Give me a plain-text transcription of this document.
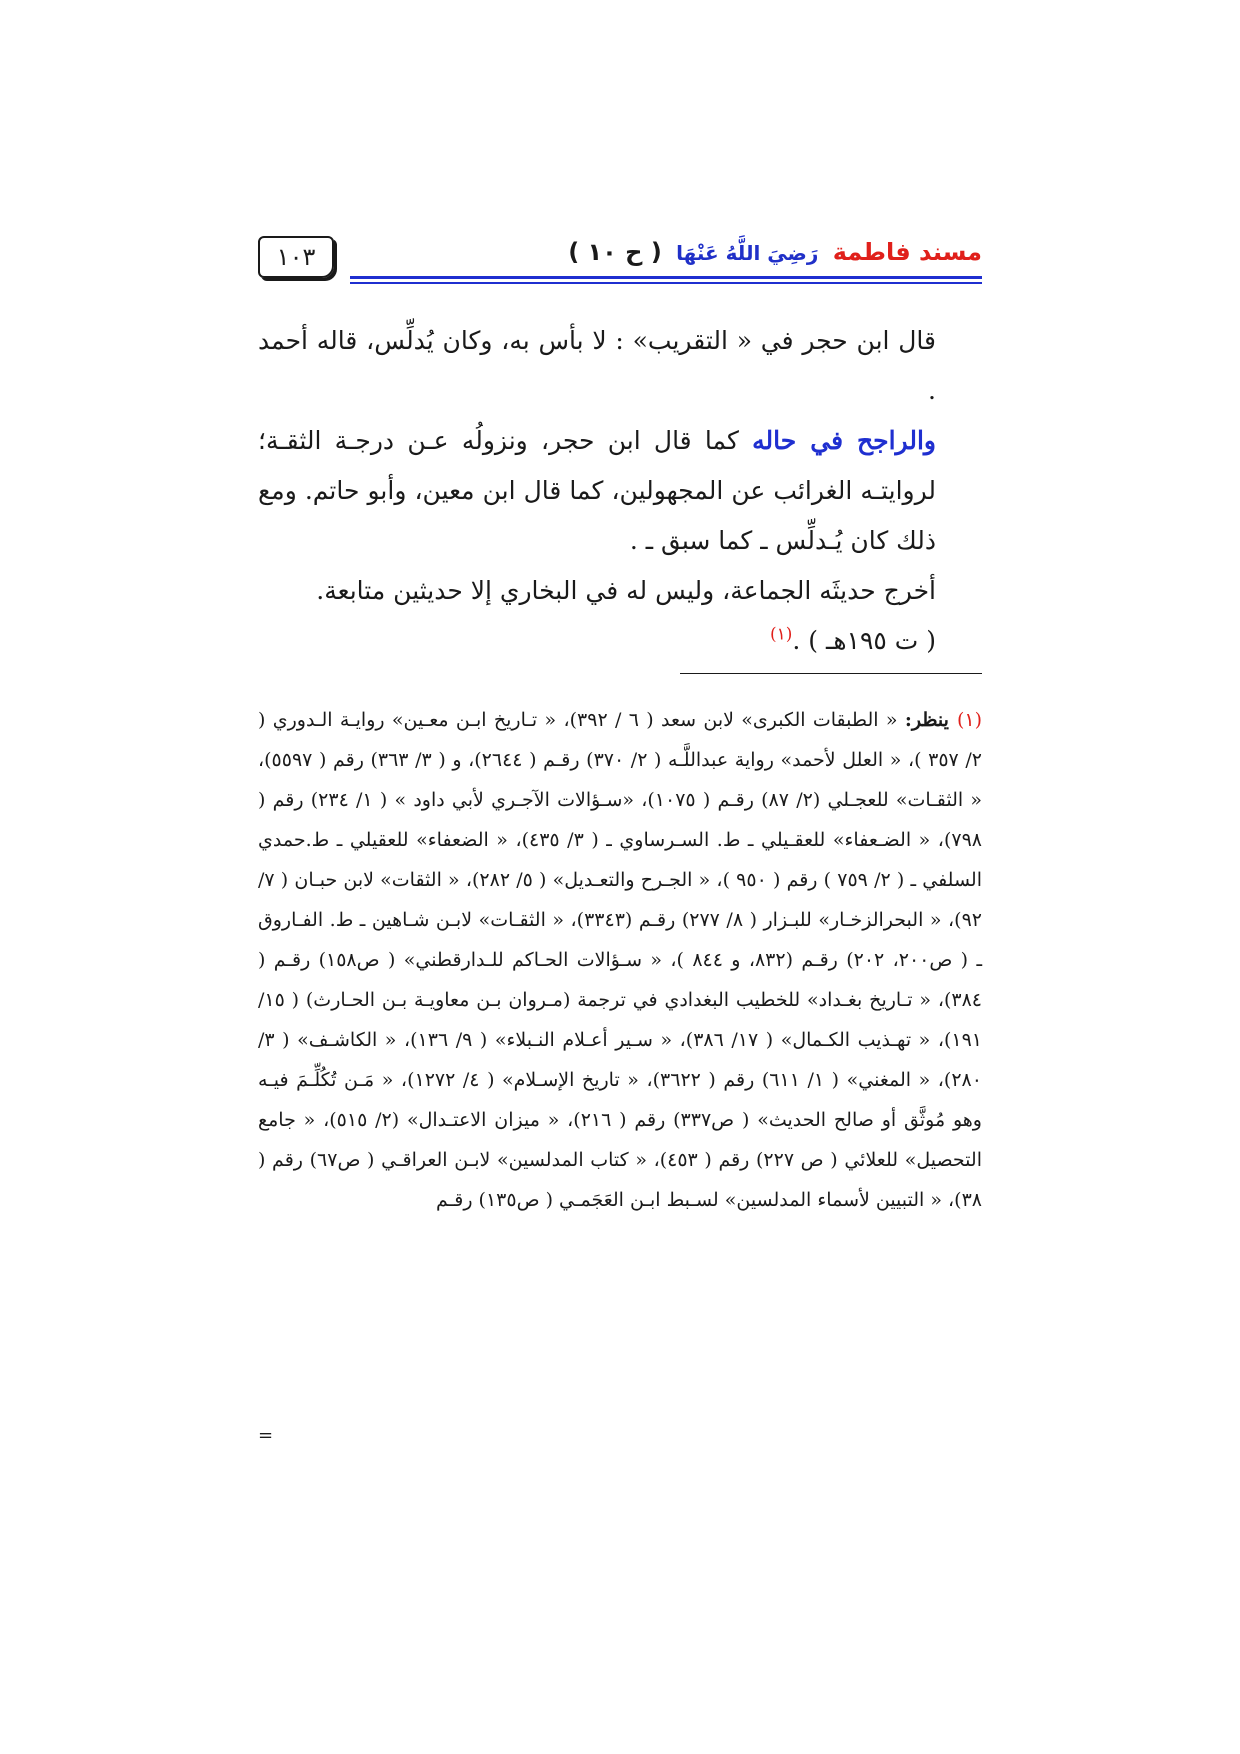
١٠٣	مسند فاطمة رَضِيَ اللَّهُ عَنْهَا ( ح ١٠ )

قال ابن حجر في « التقريب» : لا بأس به، وكان يُدلِّس، قاله أحمد .

والراجح في حاله كما قال ابن حجر، ونزولُه عـن درجـة الثقـة؛ لروايتـه الغرائب عن المجهولين، كما قال ابن معين، وأبو حاتم. ومع ذلك كان يُـدلِّس ـ كما سبق ـ .

أخرج حديثَه الجماعة، وليس له في البخاري إلا حديثين متابعة.

( ت ١٩٥هـ ) .$^{(١)}$

(١)ينظر: « الطبقات الكبرى» لابن سعد ( ٦ / ٣٩٢)، « تـاريخ ابـن معـين» روايـة الـدوري ( ٢/ ٣٥٧ )، « العلل لأحمد» رواية عبداللَّـه ( ٢/ ٣٧٠) رقـم ( ٢٦٤٤)، و ( ٣/ ٣٦٣) رقم ( ٥٥٩٧)، « الثقـات» للعجـلي (٢/ ٨٧) رقـم ( ١٠٧٥)، «سـؤالات الآجـري لأبي داود » ( ١/ ٢٣٤) رقم ( ٧٩٨)، « الضـعفاء» للعقـيلي ـ ط. السـرساوي ـ ( ٣/ ٤٣٥)، « الضعفاء» للعقيلي ـ ط.حمدي السلفي ـ ( ٢/ ٧٥٩ ) رقم ( ٩٥٠ )، « الجـرح والتعـديل» ( ٥/ ٢٨٢)، « الثقات» لابن حبـان ( ٧/ ٩٢)، « البحرالزخـار» للبـزار ( ٨/ ٢٧٧) رقـم (٣٣٤٣)، « الثقـات» لابـن شـاهين ـ ط. الفـاروق ـ ( ص٢٠٠، ٢٠٢) رقـم (٨٣٢، و ٨٤٤ )، « سـؤالات الحـاكم للـدارقطني» ( ص١٥٨) رقـم ( ٣٨٤)، « تـاريخ بغـداد» للخطيب البغدادي في ترجمة (مـروان بـن معاويـة بـن الحـارث) ( ١٥/ ١٩١)، « تهـذيب الكـمال» ( ١٧/ ٣٨٦)، « سـير أعـلام النـبلاء» ( ٩/ ١٣٦)، « الكاشـف» ( ٣/ ٢٨٠)، « المغني» ( ١/ ٦١١) رقم ( ٣٦٢٢)، « تاريخ الإسـلام» ( ٤/ ١٢٧٢)، « مَـن تُكُلِّـمَ فيـه وهو مُوثَّق أو صالح الحديث» ( ص٣٣٧) رقم ( ٢١٦)، « ميزان الاعتـدال» (٢/ ٥١٥)، « جامع التحصيل» للعلائي ( ص ٢٢٧) رقم ( ٤٥٣)، « كتاب المدلسين» لابـن العراقـي ( ص٦٧) رقم ( ٣٨)، « التبيين لأسماء المدلسين» لسـبط ابـن العَجَمـي ( ص١٣٥) رقـم

=
